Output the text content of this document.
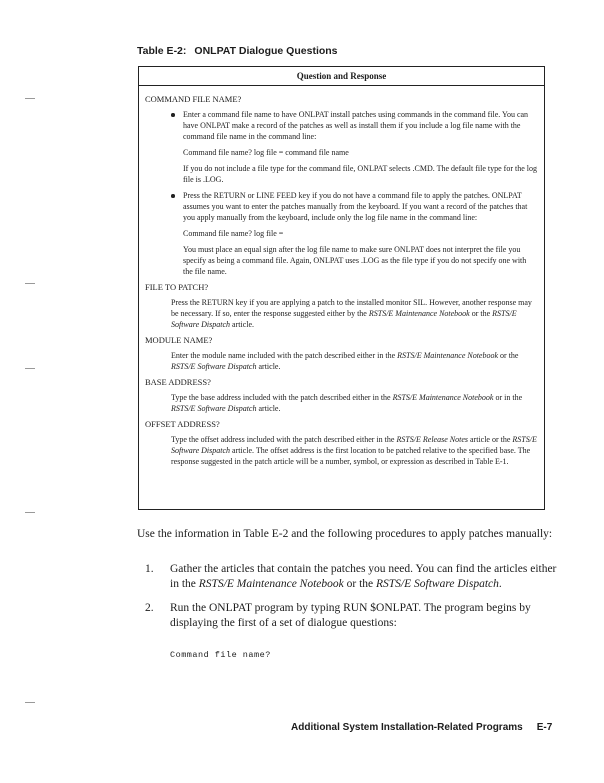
Table E-2: ONLPAT Dialogue Questions
Question and Response
COMMAND FILE NAME?
Enter a command file name to have ONLPAT install patches using commands in the command file. You can have ONLPAT make a record of the patches as well as install them if you include a log file name with the command file name in the command line:
Command file name? log file = command file name
If you do not include a file type for the command file, ONLPAT selects .CMD. The default file type for the log file is .LOG.
Press the RETURN or LINE FEED key if you do not have a command file to apply the patches. ONLPAT assumes you want to enter the patches manually from the keyboard. If you want a record of the patches that you apply manually from the keyboard, include only the log file name in the command line:
Command file name? log file =
You must place an equal sign after the log file name to make sure ONLPAT does not interpret the file you specify as being a command file. Again, ONLPAT uses .LOG as the file type if you do not specify one with the file name.
FILE TO PATCH?
Press the RETURN key if you are applying a patch to the installed monitor SIL. However, another response may be necessary. If so, enter the response suggested either by the RSTS/E Maintenance Notebook or the RSTS/E Software Dispatch article.
MODULE NAME?
Enter the module name included with the patch described either in the RSTS/E Maintenance Notebook or the RSTS/E Software Dispatch article.
BASE ADDRESS?
Type the base address included with the patch described either in the RSTS/E Maintenance Notebook or in the RSTS/E Software Dispatch article.
OFFSET ADDRESS?
Type the offset address included with the patch described either in the RSTS/E Release Notes article or the RSTS/E Software Dispatch article. The offset address is the first location to be patched relative to the specified base. The response suggested in the patch article will be a number, symbol, or expression as described in Table E-1.
Use the information in Table E-2 and the following procedures to apply patches manually:
1. Gather the articles that contain the patches you need. You can find the articles either in the RSTS/E Maintenance Notebook or the RSTS/E Software Dispatch.
2. Run the ONLPAT program by typing RUN $ONLPAT. The program begins by displaying the first of a set of dialogue questions:
Command file name?
Additional System Installation-Related Programs E-7
